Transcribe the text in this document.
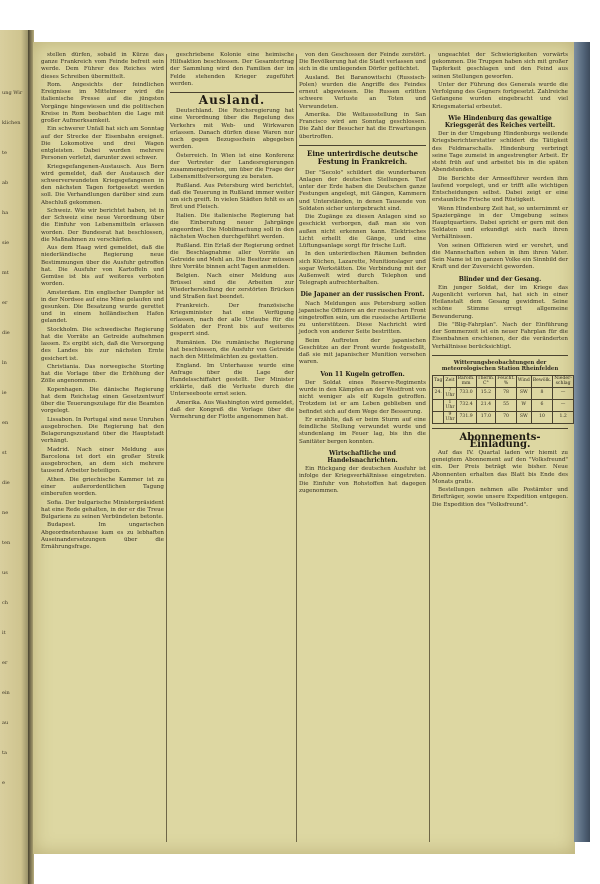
ung Wir
klichen
te
ab
ha
sie
mt
er
die
ln
ie
en
st
die
ne
ten
us
ch
it
er
ein
au
ta
e

stellen dürfen, sobald in Kürze das ganze Frankreich vom Feinde befreit sein werde. Dem Führer des Reiches wird dieses Schreiben übermittelt.

Rom. Angesichts der feindlichen Ereignisse im Mittelmeer wird die italienische Presse auf die jüngsten Vorgänge hingewiesen und die politischen Kreise in Rom beobachten die Lage mit großer Aufmerksamkeit.

Ein schwerer Unfall hat sich am Sonntag auf der Strecke der Eisenbahn ereignet. Die Lokomotive und drei Wagen entgleisten. Dabei wurden mehrere Personen verletzt, darunter zwei schwer.

Kriegsgefangenen-Austausch. Aus Bern wird gemeldet, daß der Austausch der schwerverwundeten Kriegsgefangenen in den nächsten Tagen fortgesetzt werden soll. Die Verhandlungen darüber sind zum Abschluß gekommen.

Schweiz. Wie wir berichtet haben, ist in der Schweiz eine neue Verordnung über die Einfuhr von Lebensmitteln erlassen worden. Der Bundesrat hat beschlossen, die Maßnahmen zu verschärfen.

Aus dem Haag wird gemeldet, daß die niederländische Regierung neue Bestimmungen über die Ausfuhr getroffen hat. Die Ausfuhr von Kartoffeln und Gemüse ist bis auf weiteres verboten worden.

Amsterdam. Ein englischer Dampfer ist in der Nordsee auf eine Mine gelaufen und gesunken. Die Besatzung wurde gerettet und in einem holländischen Hafen gelandet.

Stockholm. Die schwedische Regierung hat die Vorräte an Getreide aufnehmen lassen. Es ergibt sich, daß die Versorgung des Landes bis zur nächsten Ernte gesichert ist.

Christiania. Das norwegische Storting hat die Vorlage über die Erhöhung der Zölle angenommen.

Kopenhagen. Die dänische Regierung hat dem Reichstag einen Gesetzentwurf über die Teuerungszulage für die Beamten vorgelegt.

Lissabon. In Portugal sind neue Unruhen ausgebrochen. Die Regierung hat den Belagerungszustand über die Hauptstadt verhängt.

Madrid. Nach einer Meldung aus Barcelona ist dort ein großer Streik ausgebrochen, an dem sich mehrere tausend Arbeiter beteiligen.

Athen. Die griechische Kammer ist zu einer außerordentlichen Tagung einberufen worden.

Sofia. Der bulgarische Ministerpräsident hat eine Rede gehalten, in der er die Treue Bulgariens zu seinen Verbündeten betonte.

Budapest. Im ungarischen Abgeordnetenhause kam es zu lebhaften Auseinandersetzungen über die Ernährungsfrage.

geschriebene Kolonie eine heimische Hilfsaktion beschlossen. Der Gesamtertrag der Sammlung wird den Familien der im Felde stehenden Krieger zugeführt werden.

Ausland.

Deutschland. Die Reichsregierung hat eine Verordnung über die Regelung des Verkehrs mit Web- und Wirkwaren erlassen. Danach dürfen diese Waren nur noch gegen Bezugsschein abgegeben werden.

Österreich. In Wien ist eine Konferenz der Vertreter der Landesregierungen zusammengetreten, um über die Frage der Lebensmittelversorgung zu beraten.

Rußland. Aus Petersburg wird berichtet, daß die Teuerung in Rußland immer weiter um sich greift. In vielen Städten fehlt es an Brot und Fleisch.

Italien. Die italienische Regierung hat die Einberufung neuer Jahrgänge angeordnet. Die Mobilmachung soll in den nächsten Wochen durchgeführt werden.

Rußland. Ein Erlaß der Regierung ordnet die Beschlagnahme aller Vorräte an Getreide und Mehl an. Die Besitzer müssen ihre Vorräte binnen acht Tagen anmelden.

Belgien. Nach einer Meldung aus Brüssel sind die Arbeiten zur Wiederherstellung der zerstörten Brücken und Straßen fast beendet.

Frankreich. Der französische Kriegsminister hat eine Verfügung erlassen, nach der alle Urlaube für die Soldaten der Front bis auf weiteres gesperrt sind.

Rumänien. Die rumänische Regierung hat beschlossen, die Ausfuhr von Getreide nach den Mittelmächten zu gestatten.

England. Im Unterhause wurde eine Anfrage über die Lage der Handelsschiffahrt gestellt. Der Minister erklärte, daß die Verluste durch die Unterseeboote ernst seien.

Amerika. Aus Washington wird gemeldet, daß der Kongreß die Vorlage über die Vermehrung der Flotte angenommen hat.

von den Geschossen der Feinde zerstört. Die Bevölkerung hat die Stadt verlassen und sich in die umliegenden Dörfer geflüchtet.

Ausland. Bei Baranowitschi (Russisch-Polen) wurden die Angriffe des Feindes erneut abgewiesen. Die Russen erlitten schwere Verluste an Toten und Verwundeten.

Amerika. Die Weltausstellung in San Francisco wird am Sonntag geschlossen. Die Zahl der Besucher hat die Erwartungen übertroffen.

Eine unterirdische deutsche Festung in Frankreich.

Der "Secolo" schildert die wunderbaren Anlagen der deutschen Stellungen. Tief unter der Erde haben die Deutschen ganze Festungen angelegt, mit Gängen, Kammern und Unterständen, in denen Tausende von Soldaten sicher untergebracht sind.

Die Zugänge zu diesen Anlagen sind so geschickt verborgen, daß man sie von außen nicht erkennen kann. Elektrisches Licht erhellt die Gänge, und eine Lüftungsanlage sorgt für frische Luft.

In den unterirdischen Räumen befinden sich Küchen, Lazarette, Munitionslager und sogar Werkstätten. Die Verbindung mit der Außenwelt wird durch Telephon und Telegraph aufrechterhalten.

Die Japaner an der russischen Front.

Nach Meldungen aus Petersburg sollen japanische Offiziere an der russischen Front eingetroffen sein, um die russische Artillerie zu unterstützen. Diese Nachricht wird jedoch von anderer Seite bestritten.

Beim Auftreten der japanischen Geschütze an der Front wurde festgestellt, daß sie mit japanischer Munition versehen waren.

Von 11 Kugeln getroffen.

Der Soldat eines Reserve-Regiments wurde in den Kämpfen an der Westfront von nicht weniger als elf Kugeln getroffen. Trotzdem ist er am Leben geblieben und befindet sich auf dem Wege der Besserung.

Er erzählte, daß er beim Sturm auf eine feindliche Stellung verwundet wurde und stundenlang im Feuer lag, bis ihn die Sanitäter bergen konnten.

Wirtschaftliche und Handelsnachrichten.

Ein Rückgang der deutschen Ausfuhr ist infolge der Kriegsverhältnisse eingetreten. Die Einfuhr von Rohstoffen hat dagegen zugenommen.

ungeachtet der Schwierigkeiten vorwärts gekommen. Die Truppen haben sich mit großer Tapferkeit geschlagen und den Feind aus seinen Stellungen geworfen.

Unter der Führung des Generals wurde die Verfolgung des Gegners fortgesetzt. Zahlreiche Gefangene wurden eingebracht und viel Kriegsmaterial erbeutet.

Wie Hindenburg das gewaltige Kriegsgerät des Reiches verteilt.

Der in der Umgebung Hindenburgs weilende Kriegsberichterstatter schildert die Tätigkeit des Feldmarschalls. Hindenburg verbringt seine Tage zumeist in angestrengter Arbeit. Er steht früh auf und arbeitet bis in die späten Abendstunden.

Die Berichte der Armeeführer werden ihm laufend vorgelegt, und er trifft alle wichtigen Entscheidungen selbst. Dabei zeigt er eine erstaunliche Frische und Rüstigkeit.

Wenn Hindenburg Zeit hat, so unternimmt er Spaziergänge in der Umgebung seines Hauptquartiers. Dabei spricht er gern mit den Soldaten und erkundigt sich nach ihren Verhältnissen.

Von seinen Offizieren wird er verehrt, und die Mannschaften sehen in ihm ihren Vater. Sein Name ist im ganzen Volke ein Sinnbild der Kraft und der Zuversicht geworden.

Blinder und der Gesang.

Ein junger Soldat, der im Kriege das Augenlicht verloren hat, hat sich in einer Heilanstalt dem Gesang gewidmet. Seine schöne Stimme erregt allgemeine Bewunderung.

Die "Blig-Fahrplan". Nach der Einführung der Sommerzeit ist ein neuer Fahrplan für die Eisenbahnen erschienen, der die veränderten Verhältnisse berücksichtigt.

Witterungsbeobachtungen der meteorologischen Station Rheinfelden
Tag	Zeit	Barom. mm	Therm. C°	Feucht. %	Wind	Bewölk.	Nieder-schlag
24.	7 Uhr	733.0	15.2	78	SW	8	—
	1 Uhr	732.4	21.4	55	W	6	—
	9 Uhr	731.9	17.0	70	SW	10	1.2
Abonnements-Einladung.

Auf das IV. Quartal laden wir hiemit zu geneigtem Abonnement auf den "Volksfreund" ein. Der Preis beträgt wie bisher. Neue Abonnenten erhalten das Blatt bis Ende des Monats gratis.

Bestellungen nehmen alle Postämter und Briefträger, sowie unsere Expedition entgegen. Die Expedition des "Volksfreund".
